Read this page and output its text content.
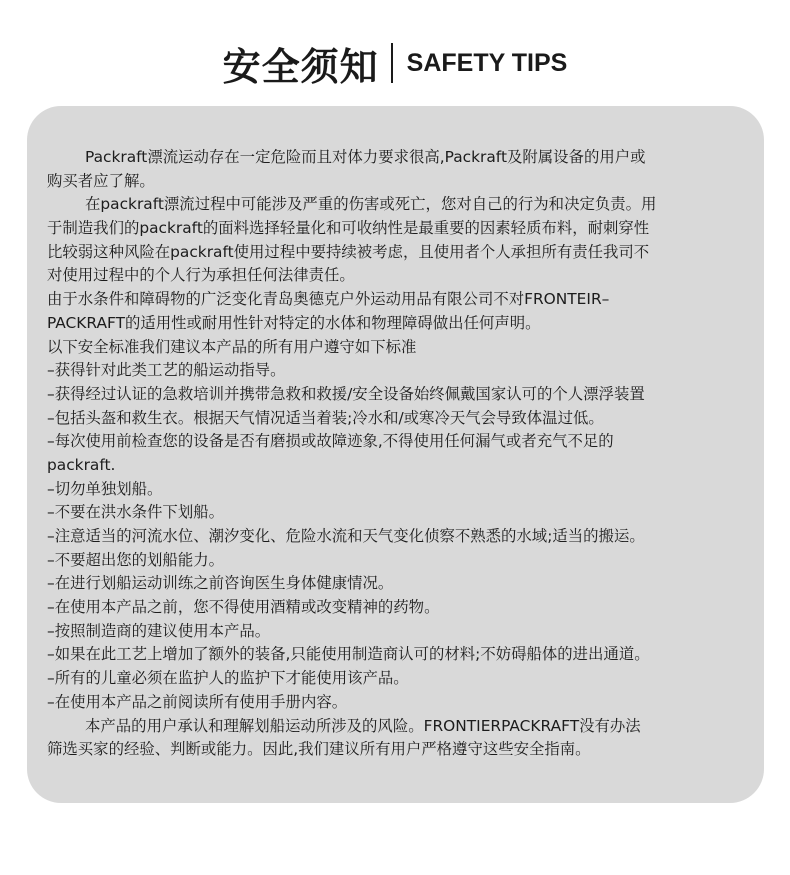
安全须知 SAFETY TIPS
Packraft漂流运动存在一定危险而且对体力要求很高,Packraft及附属设备的用户或
购买者应了解。
在packraft漂流过程中可能涉及严重的伤害或死亡，您对自己的行为和决定负责。用
于制造我们的packraft的面料选择轻量化和可收纳性是最重要的因素轻质布料，耐刺穿性
比较弱这种风险在packraft使用过程中要持续被考虑，且使用者个人承担所有责任我司不
对使用过程中的个人行为承担任何法律责任。
由于水条件和障碍物的广泛变化青岛奥德克户外运动用品有限公司不对FRONTEIR–
PACKRAFT的适用性或耐用性针对特定的水体和物理障碍做出任何声明。
以下安全标准我们建议本产品的所有用户遵守如下标准
–获得针对此类工艺的船运动指导。
–获得经过认证的急救培训并携带急救和救援/安全设备始终佩戴国家认可的个人漂浮装置
–包括头盔和救生衣。根据天气情况适当着装;冷水和/或寒冷天气会导致体温过低。
–每次使用前检查您的设备是否有磨损或故障迹象,不得使用任何漏气或者充气不足的
packraft.
–切勿单独划船。
–不要在洪水条件下划船。
–注意适当的河流水位、潮汐变化、危险水流和天气变化侦察不熟悉的水域;适当的搬运。
–不要超出您的划船能力。
–在进行划船运动训练之前咨询医生身体健康情况。
–在使用本产品之前，您不得使用酒精或改变精神的药物。
–按照制造商的建议使用本产品。
–如果在此工艺上增加了额外的装备,只能使用制造商认可的材料;不妨碍船体的进出通道。
–所有的儿童必须在监护人的监护下才能使用该产品。
–在使用本产品之前阅读所有使用手册内容。
本产品的用户承认和理解划船运动所涉及的风险。FRONTIERPACKRAFT没有办法
筛选买家的经验、判断或能力。因此,我们建议所有用户严格遵守这些安全指南。
